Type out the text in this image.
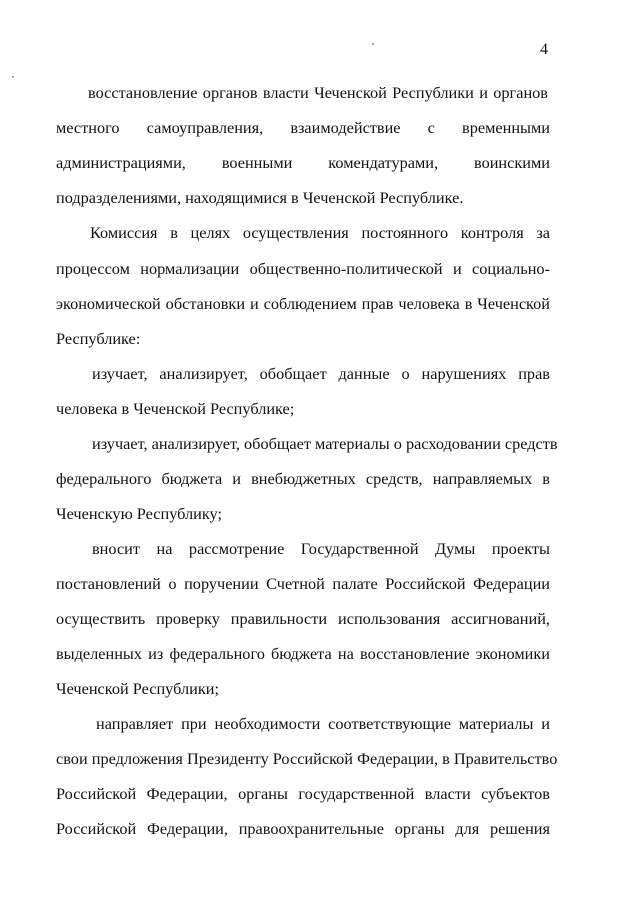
4
восстановление органов власти Чеченской Республики и органов
местного самоуправления, взаимодействие с временными
администрациями, военными комендатурами, воинскими
подразделениями, находящимися в Чеченской Республике.
Комиссия в целях осуществления постоянного контроля за
процессом нормализации общественно-политической и социально-
экономической обстановки и соблюдением прав человека в Чеченской
Республике:
изучает, анализирует, обобщает данные о нарушениях прав
человека в Чеченской Республике;
изучает, анализирует, обобщает материалы о расходовании средств
федерального бюджета и внебюджетных средств, направляемых в
Чеченскую Республику;
вносит на рассмотрение Государственной Думы проекты
постановлений о поручении Счетной палате Российской Федерации
осуществить проверку правильности использования ассигнований,
выделенных из федерального бюджета на восстановление экономики
Чеченской Республики;
направляет при необходимости соответствующие материалы и
свои предложения Президенту Российской Федерации, в Правительство
Российской Федерации, органы государственной власти субъектов
Российской Федерации, правоохранительные органы для решения
